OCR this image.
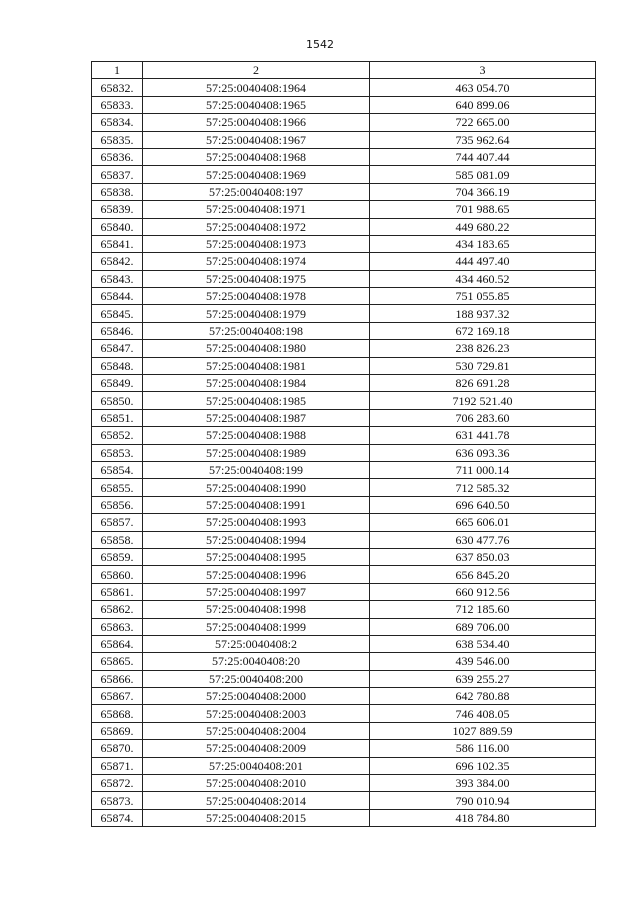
1542
1	2	3
65832.	57:25:0040408:1964	463 054.70
65833.	57:25:0040408:1965	640 899.06
65834.	57:25:0040408:1966	722 665.00
65835.	57:25:0040408:1967	735 962.64
65836.	57:25:0040408:1968	744 407.44
65837.	57:25:0040408:1969	585 081.09
65838.	57:25:0040408:197	704 366.19
65839.	57:25:0040408:1971	701 988.65
65840.	57:25:0040408:1972	449 680.22
65841.	57:25:0040408:1973	434 183.65
65842.	57:25:0040408:1974	444 497.40
65843.	57:25:0040408:1975	434 460.52
65844.	57:25:0040408:1978	751 055.85
65845.	57:25:0040408:1979	188 937.32
65846.	57:25:0040408:198	672 169.18
65847.	57:25:0040408:1980	238 826.23
65848.	57:25:0040408:1981	530 729.81
65849.	57:25:0040408:1984	826 691.28
65850.	57:25:0040408:1985	7192 521.40
65851.	57:25:0040408:1987	706 283.60
65852.	57:25:0040408:1988	631 441.78
65853.	57:25:0040408:1989	636 093.36
65854.	57:25:0040408:199	711 000.14
65855.	57:25:0040408:1990	712 585.32
65856.	57:25:0040408:1991	696 640.50
65857.	57:25:0040408:1993	665 606.01
65858.	57:25:0040408:1994	630 477.76
65859.	57:25:0040408:1995	637 850.03
65860.	57:25:0040408:1996	656 845.20
65861.	57:25:0040408:1997	660 912.56
65862.	57:25:0040408:1998	712 185.60
65863.	57:25:0040408:1999	689 706.00
65864.	57:25:0040408:2	638 534.40
65865.	57:25:0040408:20	439 546.00
65866.	57:25:0040408:200	639 255.27
65867.	57:25:0040408:2000	642 780.88
65868.	57:25:0040408:2003	746 408.05
65869.	57:25:0040408:2004	1027 889.59
65870.	57:25:0040408:2009	586 116.00
65871.	57:25:0040408:201	696 102.35
65872.	57:25:0040408:2010	393 384.00
65873.	57:25:0040408:2014	790 010.94
65874.	57:25:0040408:2015	418 784.80
